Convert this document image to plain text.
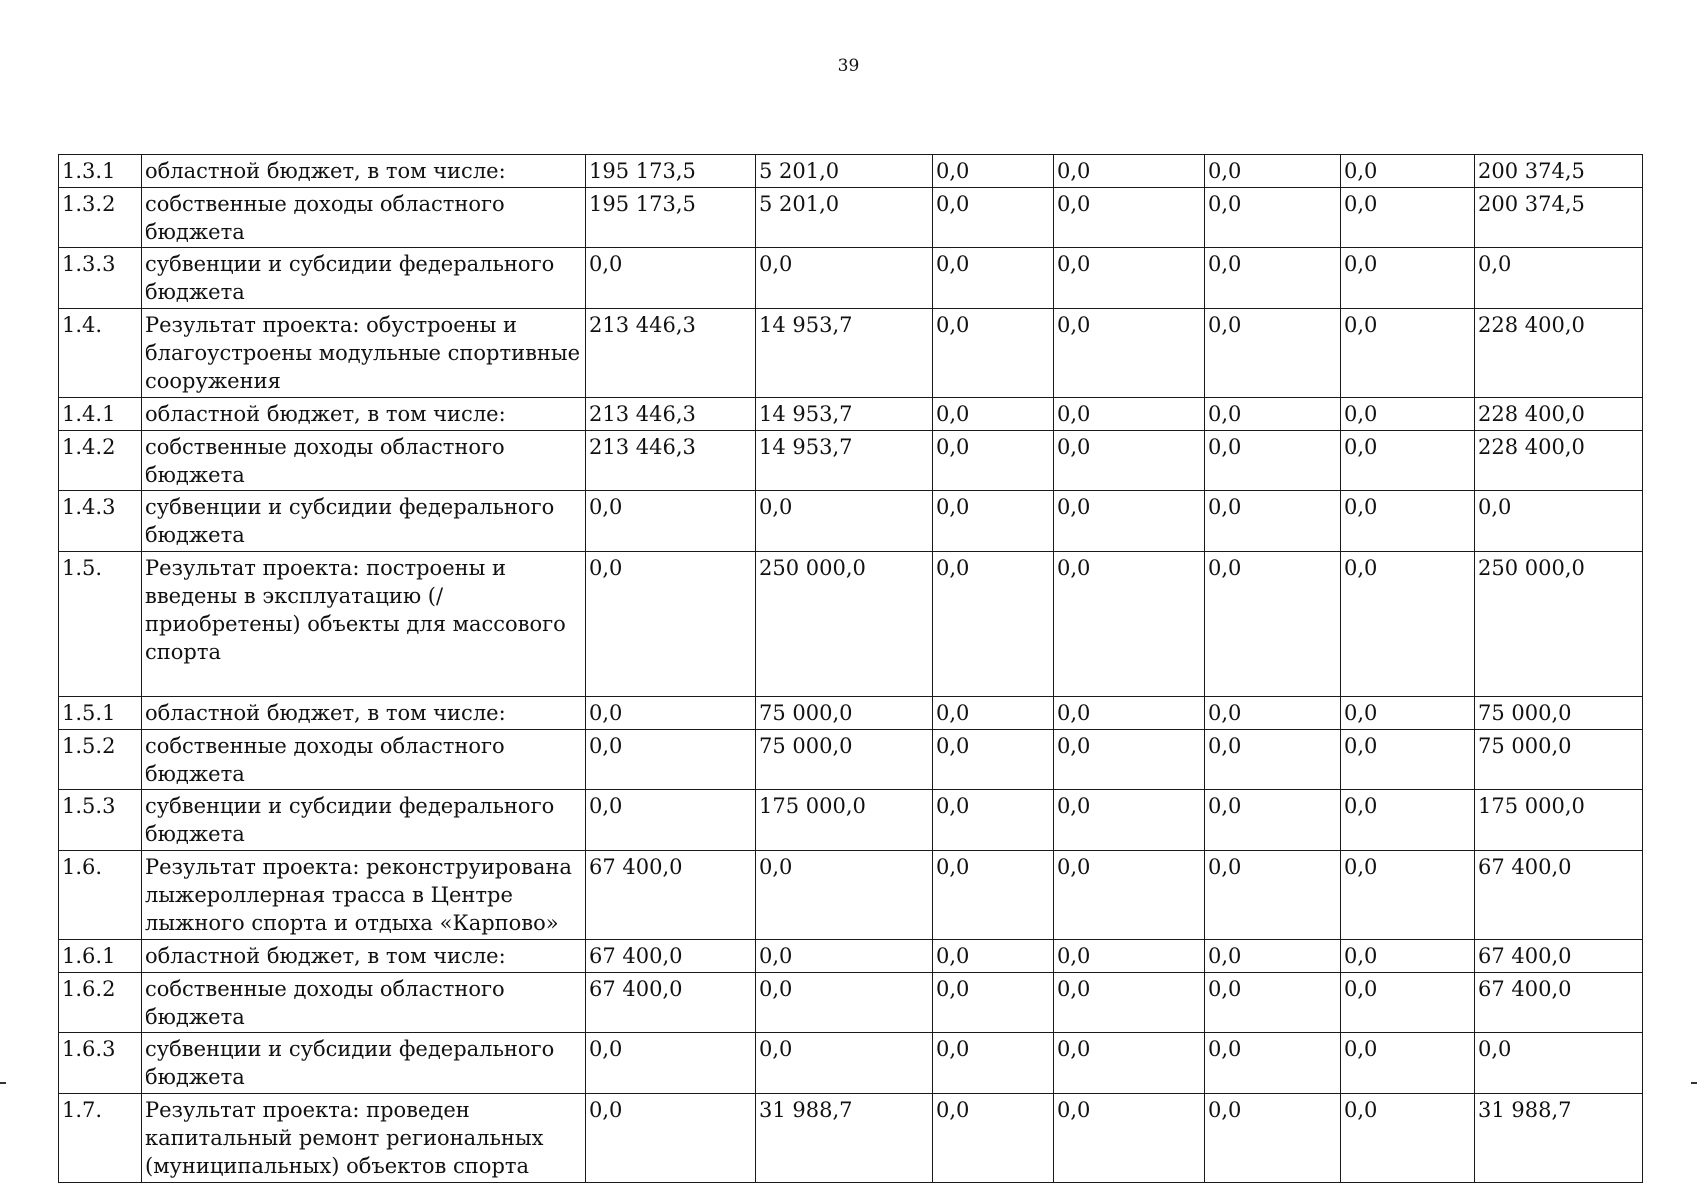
39
1.3.1	областной бюджет, в том числе:	195 173,5	5 201,0	0,0	0,0	0,0	0,0	200 374,5
1.3.2	собственные доходы областного бюджета	195 173,5	5 201,0	0,0	0,0	0,0	0,0	200 374,5
1.3.3	субвенции и субсидии федерального бюджета	0,0	0,0	0,0	0,0	0,0	0,0	0,0
1.4.	Результат проекта: обустроены и благоустроены модульные спортивные сооружения	213 446,3	14 953,7	0,0	0,0	0,0	0,0	228 400,0
1.4.1	областной бюджет, в том числе:	213 446,3	14 953,7	0,0	0,0	0,0	0,0	228 400,0
1.4.2	собственные доходы областного бюджета	213 446,3	14 953,7	0,0	0,0	0,0	0,0	228 400,0
1.4.3	субвенции и субсидии федерального бюджета	0,0	0,0	0,0	0,0	0,0	0,0	0,0
1.5.	Результат проекта: построены и введены в эксплуатацию (/приобретены) объекты для массового спорта	0,0	250 000,0	0,0	0,0	0,0	0,0	250 000,0
1.5.1	областной бюджет, в том числе:	0,0	75 000,0	0,0	0,0	0,0	0,0	75 000,0
1.5.2	собственные доходы областного бюджета	0,0	75 000,0	0,0	0,0	0,0	0,0	75 000,0
1.5.3	субвенции и субсидии федерального бюджета	0,0	175 000,0	0,0	0,0	0,0	0,0	175 000,0
1.6.	Результат проекта: реконструирована лыжероллерная трасса в Центре лыжного спорта и отдыха «Карпово»	67 400,0	0,0	0,0	0,0	0,0	0,0	67 400,0
1.6.1	областной бюджет, в том числе:	67 400,0	0,0	0,0	0,0	0,0	0,0	67 400,0
1.6.2	собственные доходы областного бюджета	67 400,0	0,0	0,0	0,0	0,0	0,0	67 400,0
1.6.3	субвенции и субсидии федерального бюджета	0,0	0,0	0,0	0,0	0,0	0,0	0,0
1.7.	Результат проекта: проведен капитальный ремонт региональных (муниципальных) объектов спорта	0,0	31 988,7	0,0	0,0	0,0	0,0	31 988,7
